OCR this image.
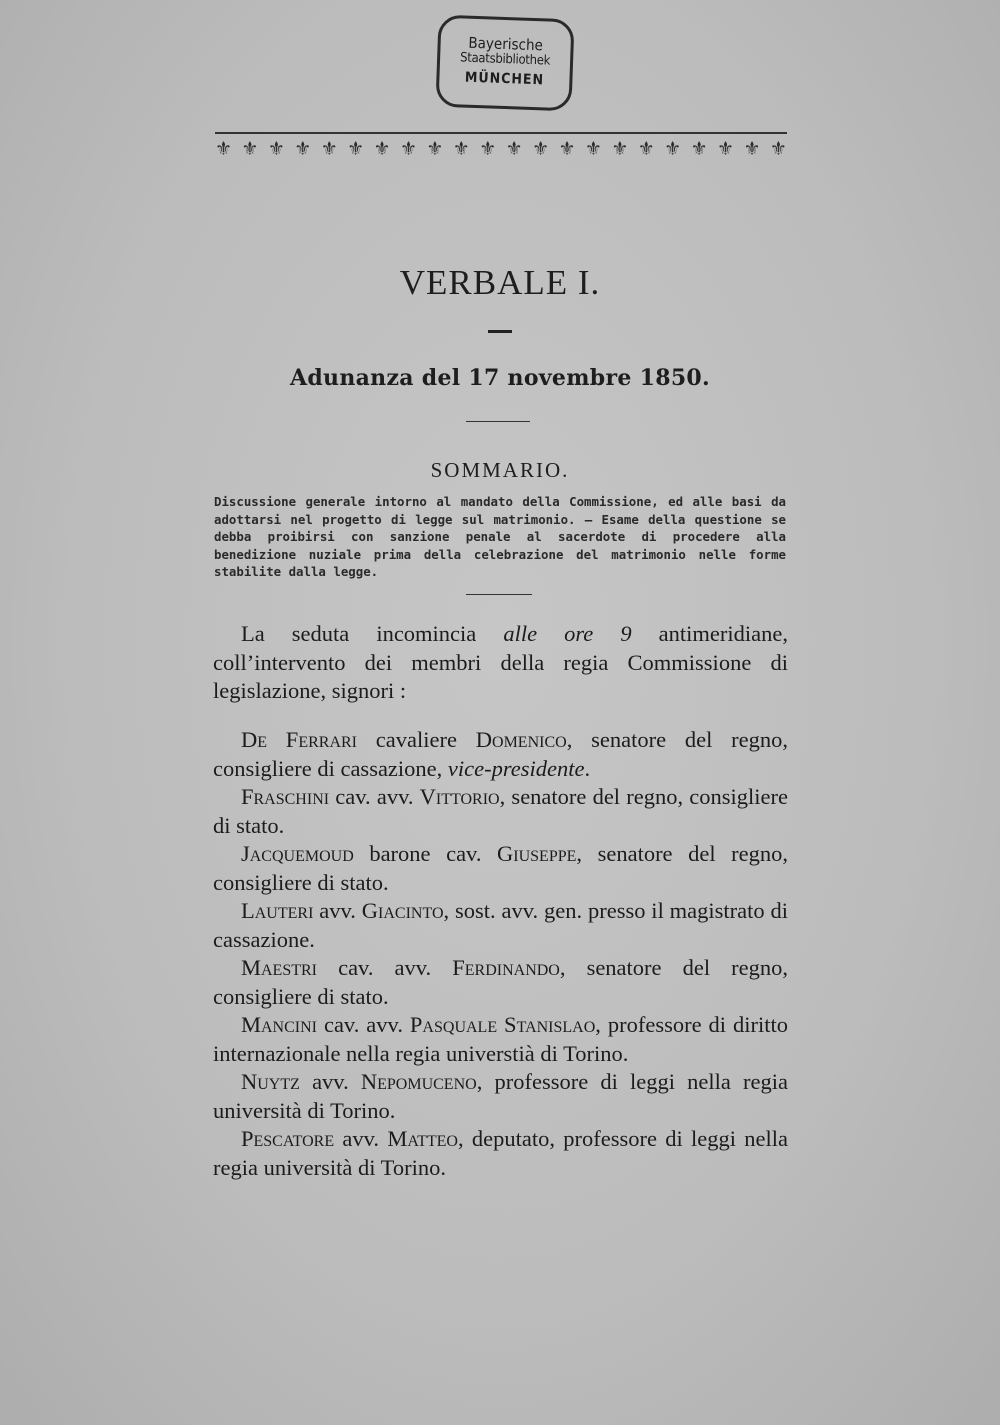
Bayerische
Staatsbibliothek
MÜNCHEN
⚜ ⚜ ⚜ ⚜ ⚜ ⚜ ⚜ ⚜ ⚜ ⚜ ⚜ ⚜ ⚜ ⚜ ⚜ ⚜ ⚜ ⚜ ⚜ ⚜ ⚜ ⚜
VERBALE I.
Adunanza del 17 novembre 1850.
SOMMARIO.
Discussione generale intorno al mandato della Commissione, ed alle basi da adottarsi nel progetto di legge sul matrimonio. — Esame della questione se debba proibirsi con sanzione penale al sacerdote di procedere alla benedizione nuziale prima della celebrazione del matrimonio nelle forme stabilite dalla legge.

La seduta incomincia alle ore 9 antimeridiane, coll’intervento dei membri della regia Commissione di legislazione, signori :

De Ferrari cavaliere Domenico, senatore del regno, consigliere di cassazione, vice-presidente.

Fraschini cav. avv. Vittorio, senatore del regno, consigliere di stato.

Jacquemoud barone cav. Giuseppe, senatore del regno, consigliere di stato.

Lauteri avv. Giacinto, sost. avv. gen. presso il magistrato di cassazione.

Maestri cav. avv. Ferdinando, senatore del regno, consigliere di stato.

Mancini cav. avv. Pasquale Stanislao, professore di diritto internazionale nella regia universtià di Torino.

Nuytz avv. Nepomuceno, professore di leggi nella regia università di Torino.

Pescatore avv. Matteo, deputato, professore di leggi nella regia università di Torino.
